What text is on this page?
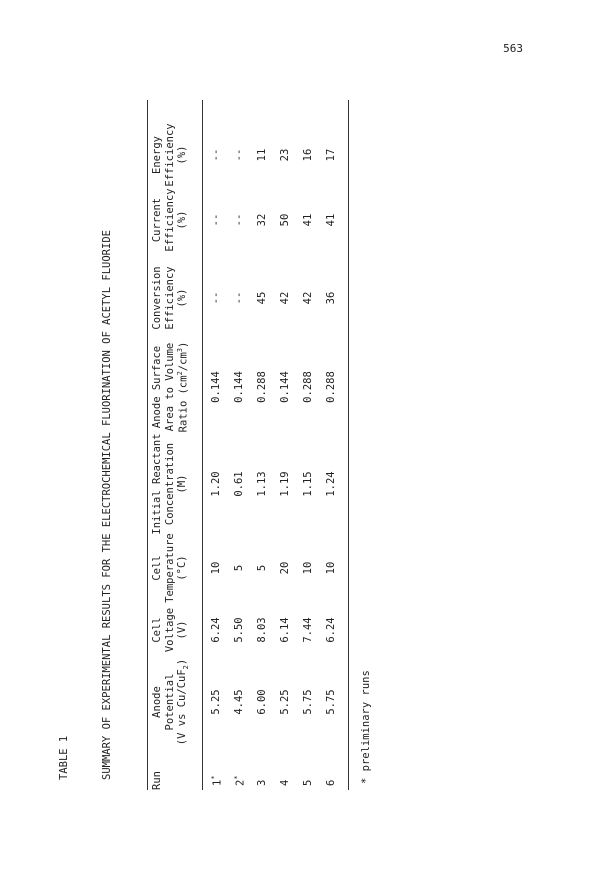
563
TABLE 1	SUMMARY OF EXPERIMENTAL RESULTS FOR THE ELECTROCHEMICAL FLUORINATION OF ACETYL FLUORIDE
Run

Anode Potential (V vs Cu/CuF$_2$)
Cell Voltage (V)
Cell Temperature (°C)
Initial Reactant Concentration (M)
Anode Surface Area to Volume Ratio $(cm^2/cm^3)$
Conversion Efficiency (%)
Current Efficiency (%)
Energy Efficiency (%)
1*
5.25
6.24
10
1.20
0.144
--
--
--
2*
4.45
5.50
5
0.61
0.144
--
--
--
3
6.00
8.03
5
1.13
0.288
45
32
11
4
5.25
6.14
20
1.19
0.144
42
50
23
5
5.75
7.44
10
1.15
0.288
42
41
16
6
5.75
6.24
10
1.24
0.288
36
41
17
* preliminary runs
